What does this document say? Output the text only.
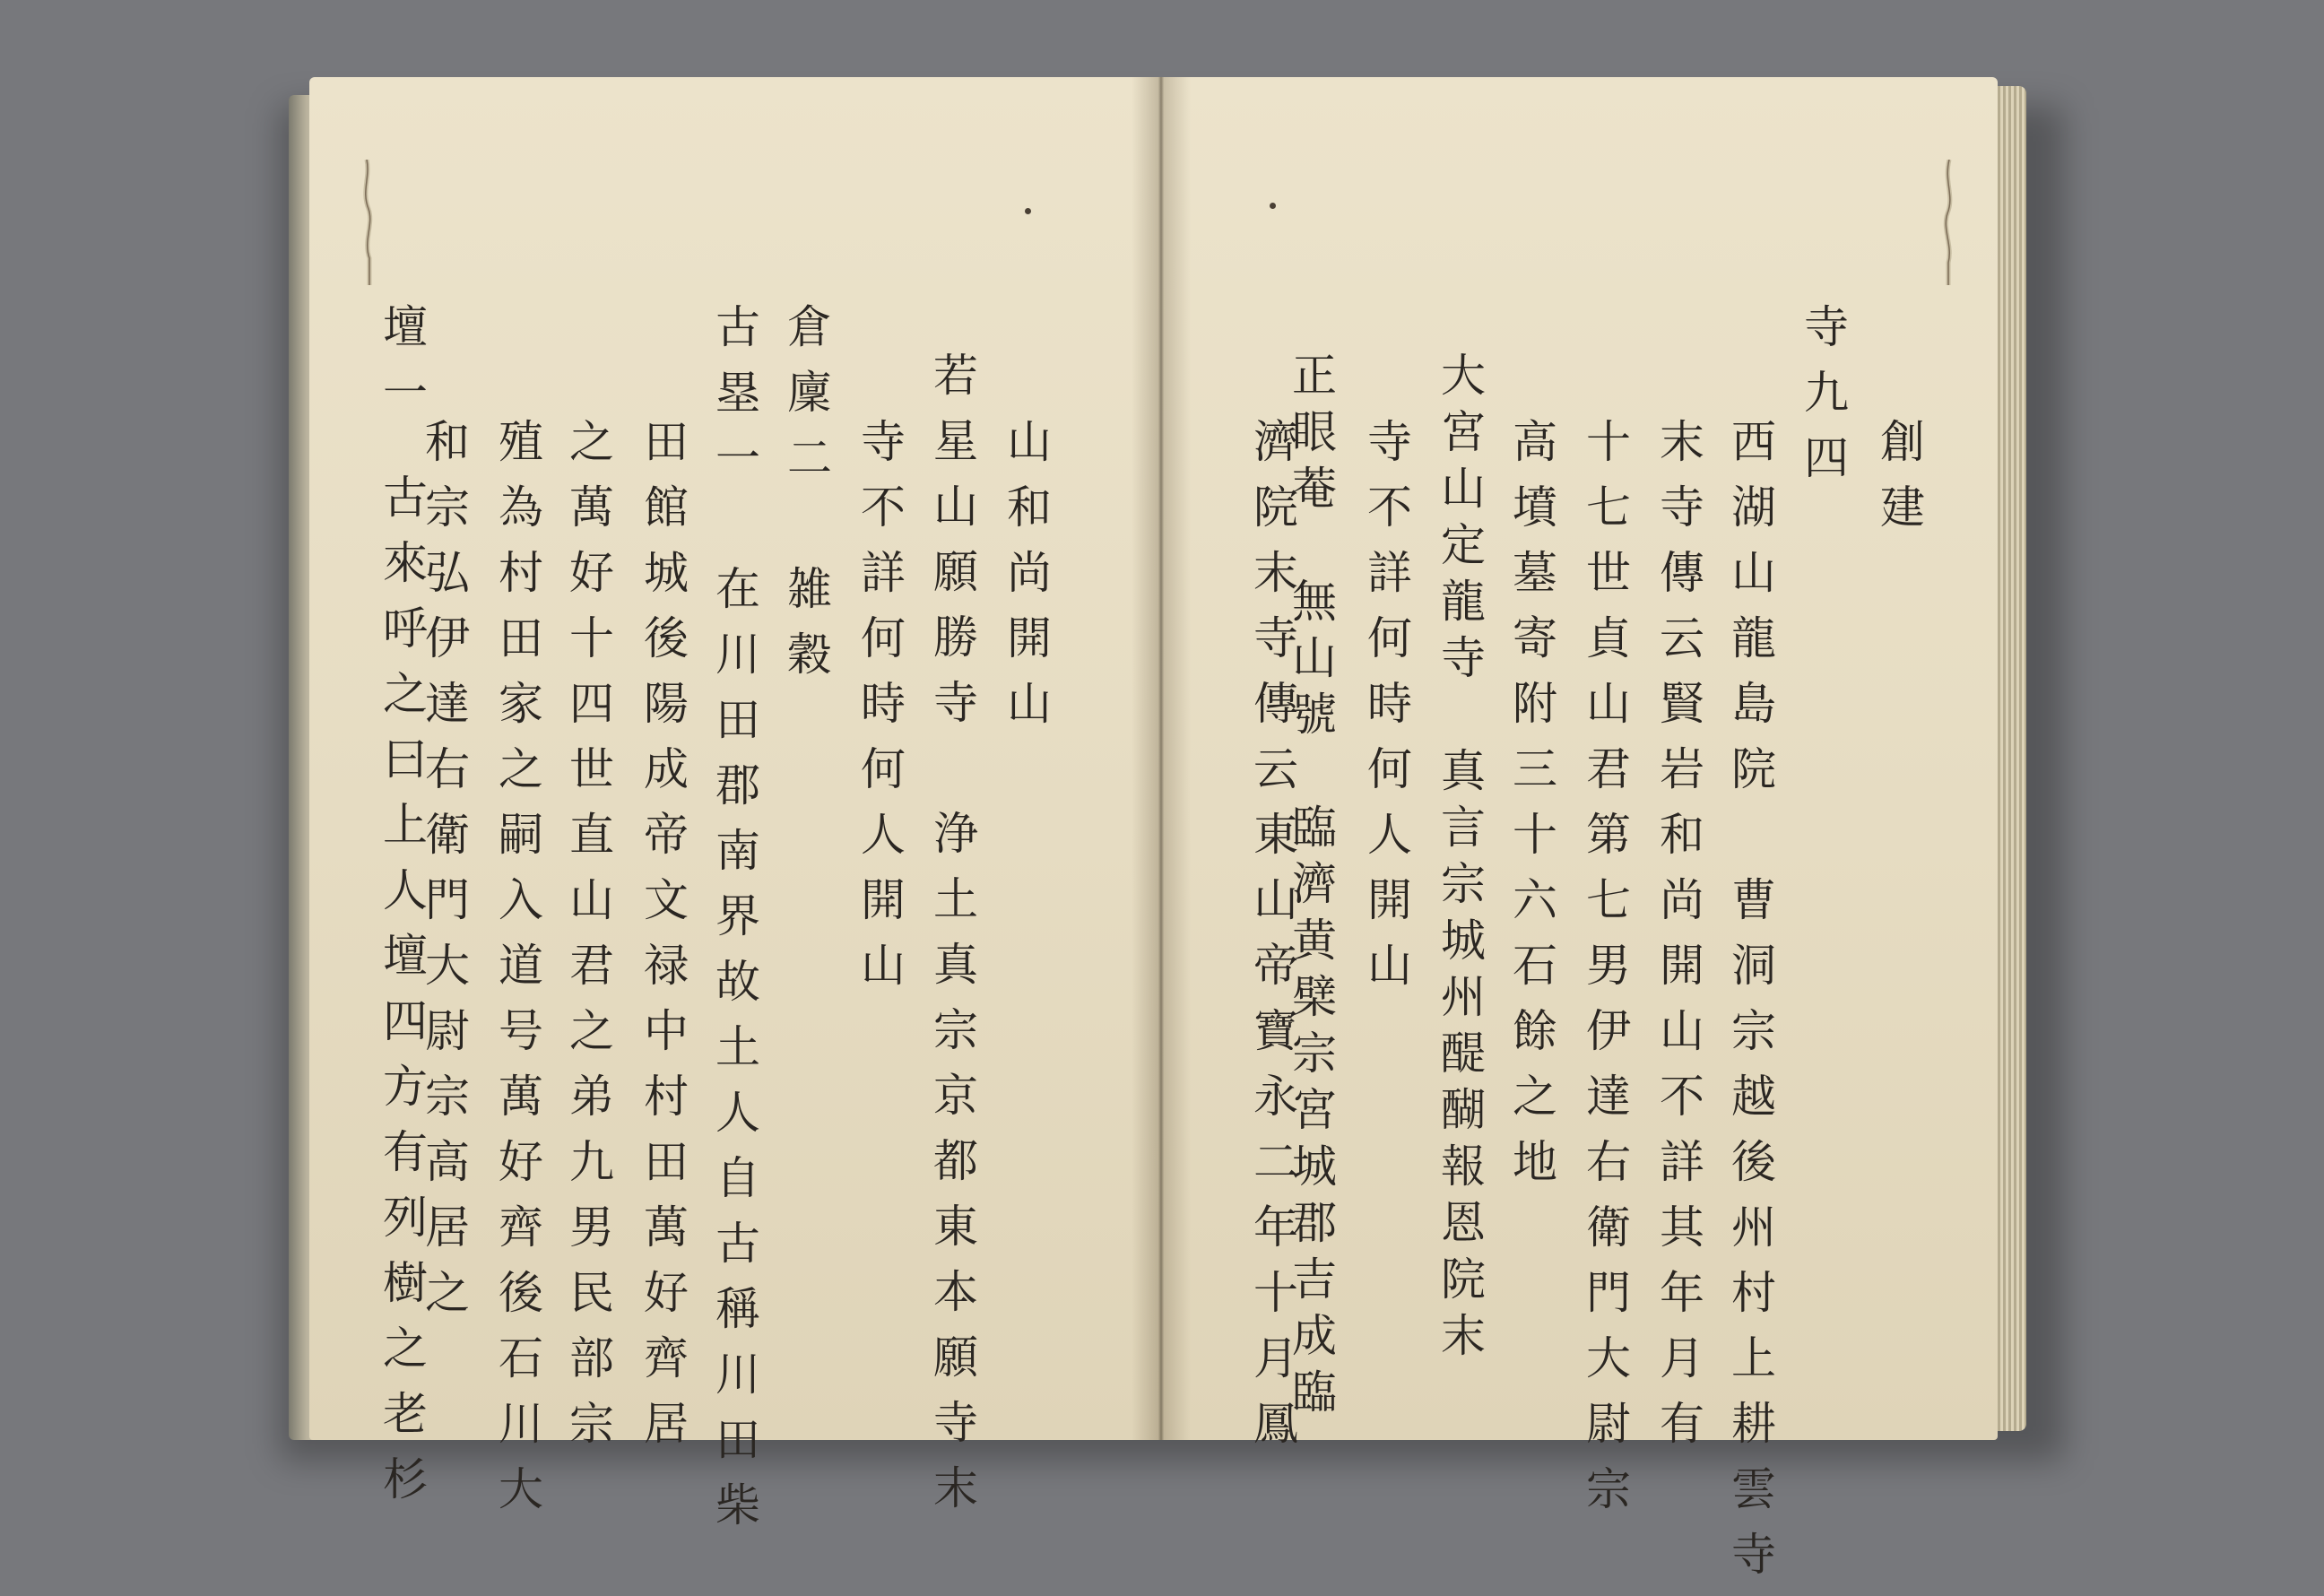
山和尚開山
若星山願勝寺　浄土真宗京都東本願寺末
寺不詳何時何人開山
倉廩二　雑穀
古塁一　在川田郡南界故土人自古稱川田柴
田館城後陽成帝文禄中村田萬好齊居
之萬好十四世直山君之弟九男民部宗
殖為村田家之嗣入道号萬好齊後石川大
和宗弘伊達右衛門大尉宗高居之
壇一
古來呼之曰上人壇四方有列樹之老杉	創建
寺九四
西湖山龍島院　曹洞宗越後州村上耕雲寺
末寺傳云賢岩和尚開山不詳其年月有
十七世貞山君第七男伊達右衛門大尉宗
高墳墓寄附三十六石餘之地
大宮山定龍寺　真言宗城州醍醐報恩院末
寺不詳何時何人開山
正眼菴　無山號　臨濟黄檗宗宮城郡吉成臨
濟院末寺傳云東山帝寶永二年十月鳳
